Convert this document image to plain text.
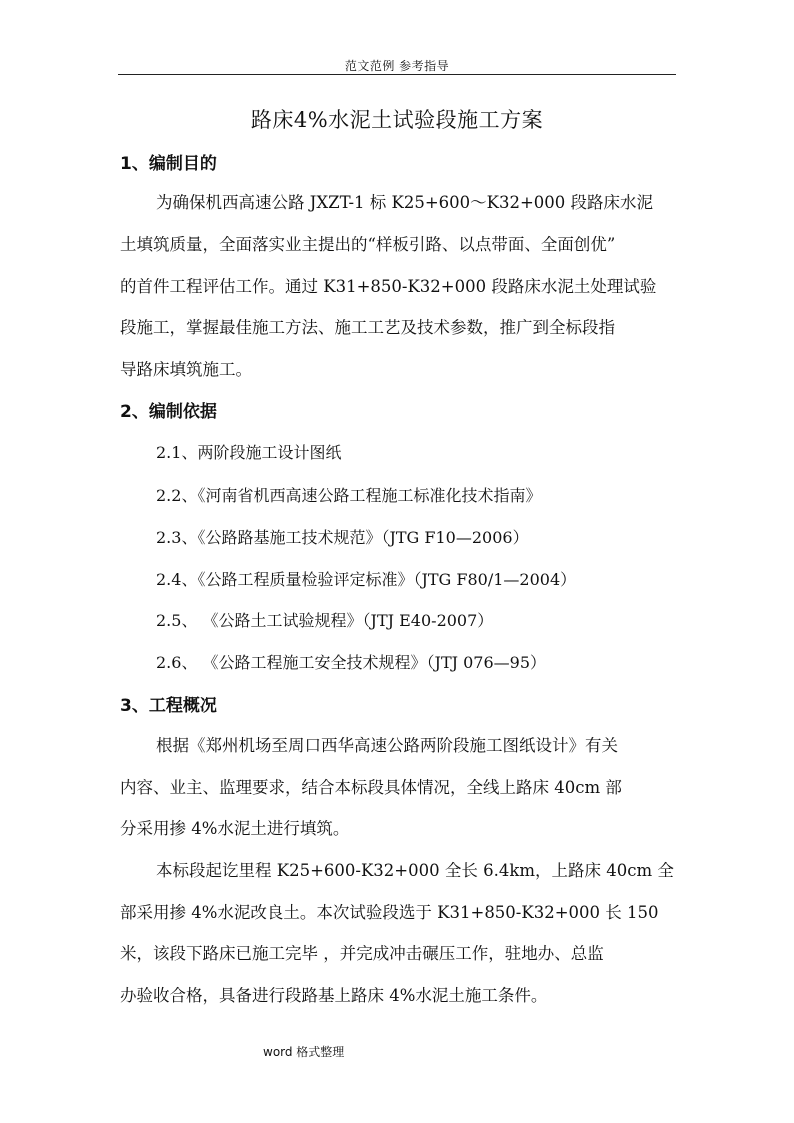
范文范例 参考指导
路床4%水泥土试验段施工方案
1、编制目的
为确保机西高速公路 JXZT-1 标 K25+600～K32+000 段路床水泥
土填筑质量，全面落实业主提出的“样板引路、以点带面、全面创优”
的首件工程评估工作。通过 K31+850-K32+000 段路床水泥土处理试验
段施工，掌握最佳施工方法、施工工艺及技术参数，推广到全标段指
导路床填筑施工。
2、编制依据
2.1、两阶段施工设计图纸
2.2、《河南省机西高速公路工程施工标准化技术指南》
2.3、《公路路基施工技术规范》（JTG F10—2006）
2.4、《公路工程质量检验评定标准》（JTG F80/1—2004）
2.5、 《公路土工试验规程》（JTJ E40-2007）
2.6、 《公路工程施工安全技术规程》（JTJ 076—95）
3、工程概况
根据《郑州机场至周口西华高速公路两阶段施工图纸设计》有关
内容、业主、监理要求，结合本标段具体情况，全线上路床 40cm 部
分采用掺 4%水泥土进行填筑。
本标段起讫里程 K25+600-K32+000 全长 6.4km，上路床 40cm 全
部采用掺 4%水泥改良土。本次试验段选于 K31+850-K32+000 长 150
米，该段下路床已施工完毕 ，并完成冲击碾压工作，驻地办、总监
办验收合格，具备进行段路基上路床 4%水泥土施工条件。
word 格式整理
